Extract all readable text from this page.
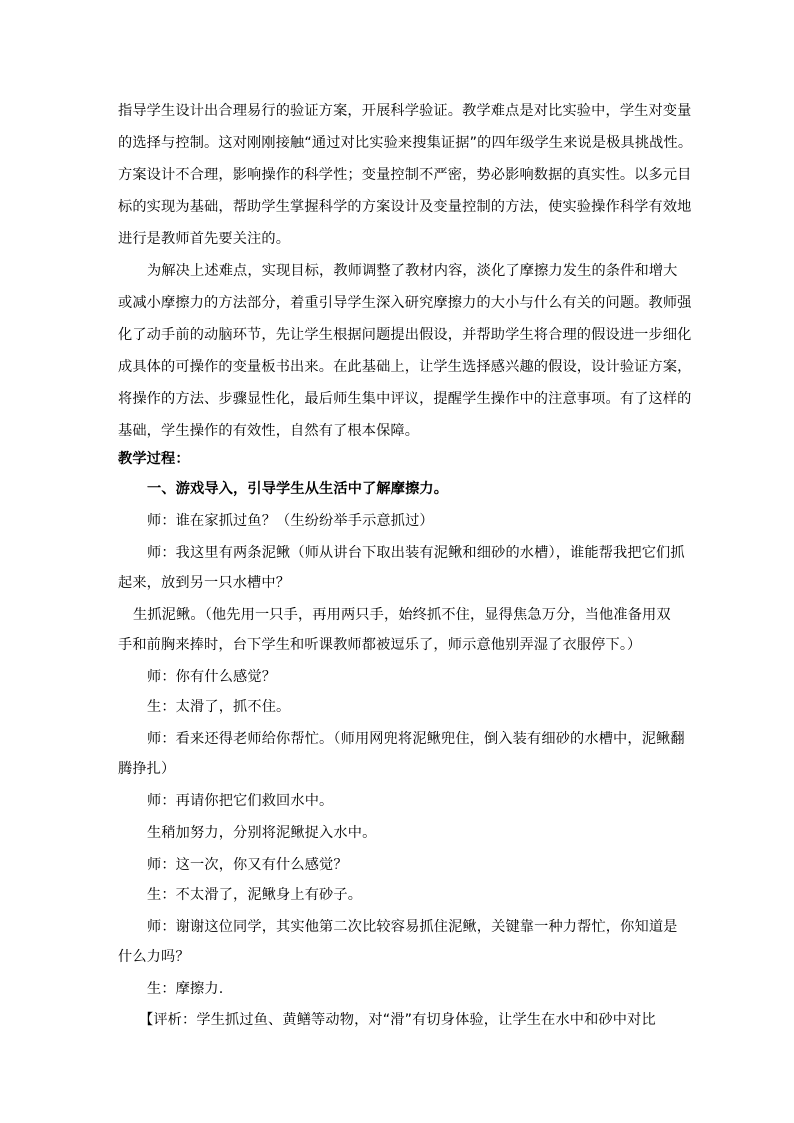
指导学生设计出合理易行的验证方案，开展科学验证。教学难点是对比实验中，学生对变量
的选择与控制。这对刚刚接触“通过对比实验来搜集证据”的四年级学生来说是极具挑战性。
方案设计不合理，影响操作的科学性；变量控制不严密，势必影响数据的真实性。以多元目
标的实现为基础，帮助学生掌握科学的方案设计及变量控制的方法，使实验操作科学有效地
进行是教师首先要关注的。
为解决上述难点，实现目标，教师调整了教材内容，淡化了摩擦力发生的条件和增大
或减小摩擦力的方法部分，着重引导学生深入研究摩擦力的大小与什么有关的问题。教师强
化了动手前的动脑环节，先让学生根据问题提出假设，并帮助学生将合理的假设进一步细化
成具体的可操作的变量板书出来。在此基础上，让学生选择感兴趣的假设，设计验证方案，
将操作的方法、步骤显性化，最后师生集中评议，提醒学生操作中的注意事项。有了这样的
基础，学生操作的有效性，自然有了根本保障。
教学过程：
一、游戏导入，引导学生从生活中了解摩擦力。
师：谁在家抓过鱼？（生纷纷举手示意抓过）
师：我这里有两条泥鳅（师从讲台下取出装有泥鳅和细砂的水槽），谁能帮我把它们抓
起来，放到另一只水槽中？
生抓泥鳅。（他先用一只手，再用两只手，始终抓不住，显得焦急万分，当他准备用双
手和前胸来捧时，台下学生和听课教师都被逗乐了，师示意他别弄湿了衣服停下。）
师：你有什么感觉？
生：太滑了，抓不住。
师：看来还得老师给你帮忙。（师用网兜将泥鳅兜住，倒入装有细砂的水槽中，泥鳅翻
腾挣扎）
师：再请你把它们救回水中。
生稍加努力，分别将泥鳅捉入水中。
师：这一次，你又有什么感觉？
生：不太滑了，泥鳅身上有砂子。
师：谢谢这位同学，其实他第二次比较容易抓住泥鳅，关键靠一种力帮忙，你知道是
什么力吗？
生：摩擦力.
【评析：学生抓过鱼、黄鳝等动物，对“滑”有切身体验，让学生在水中和砂中对比
